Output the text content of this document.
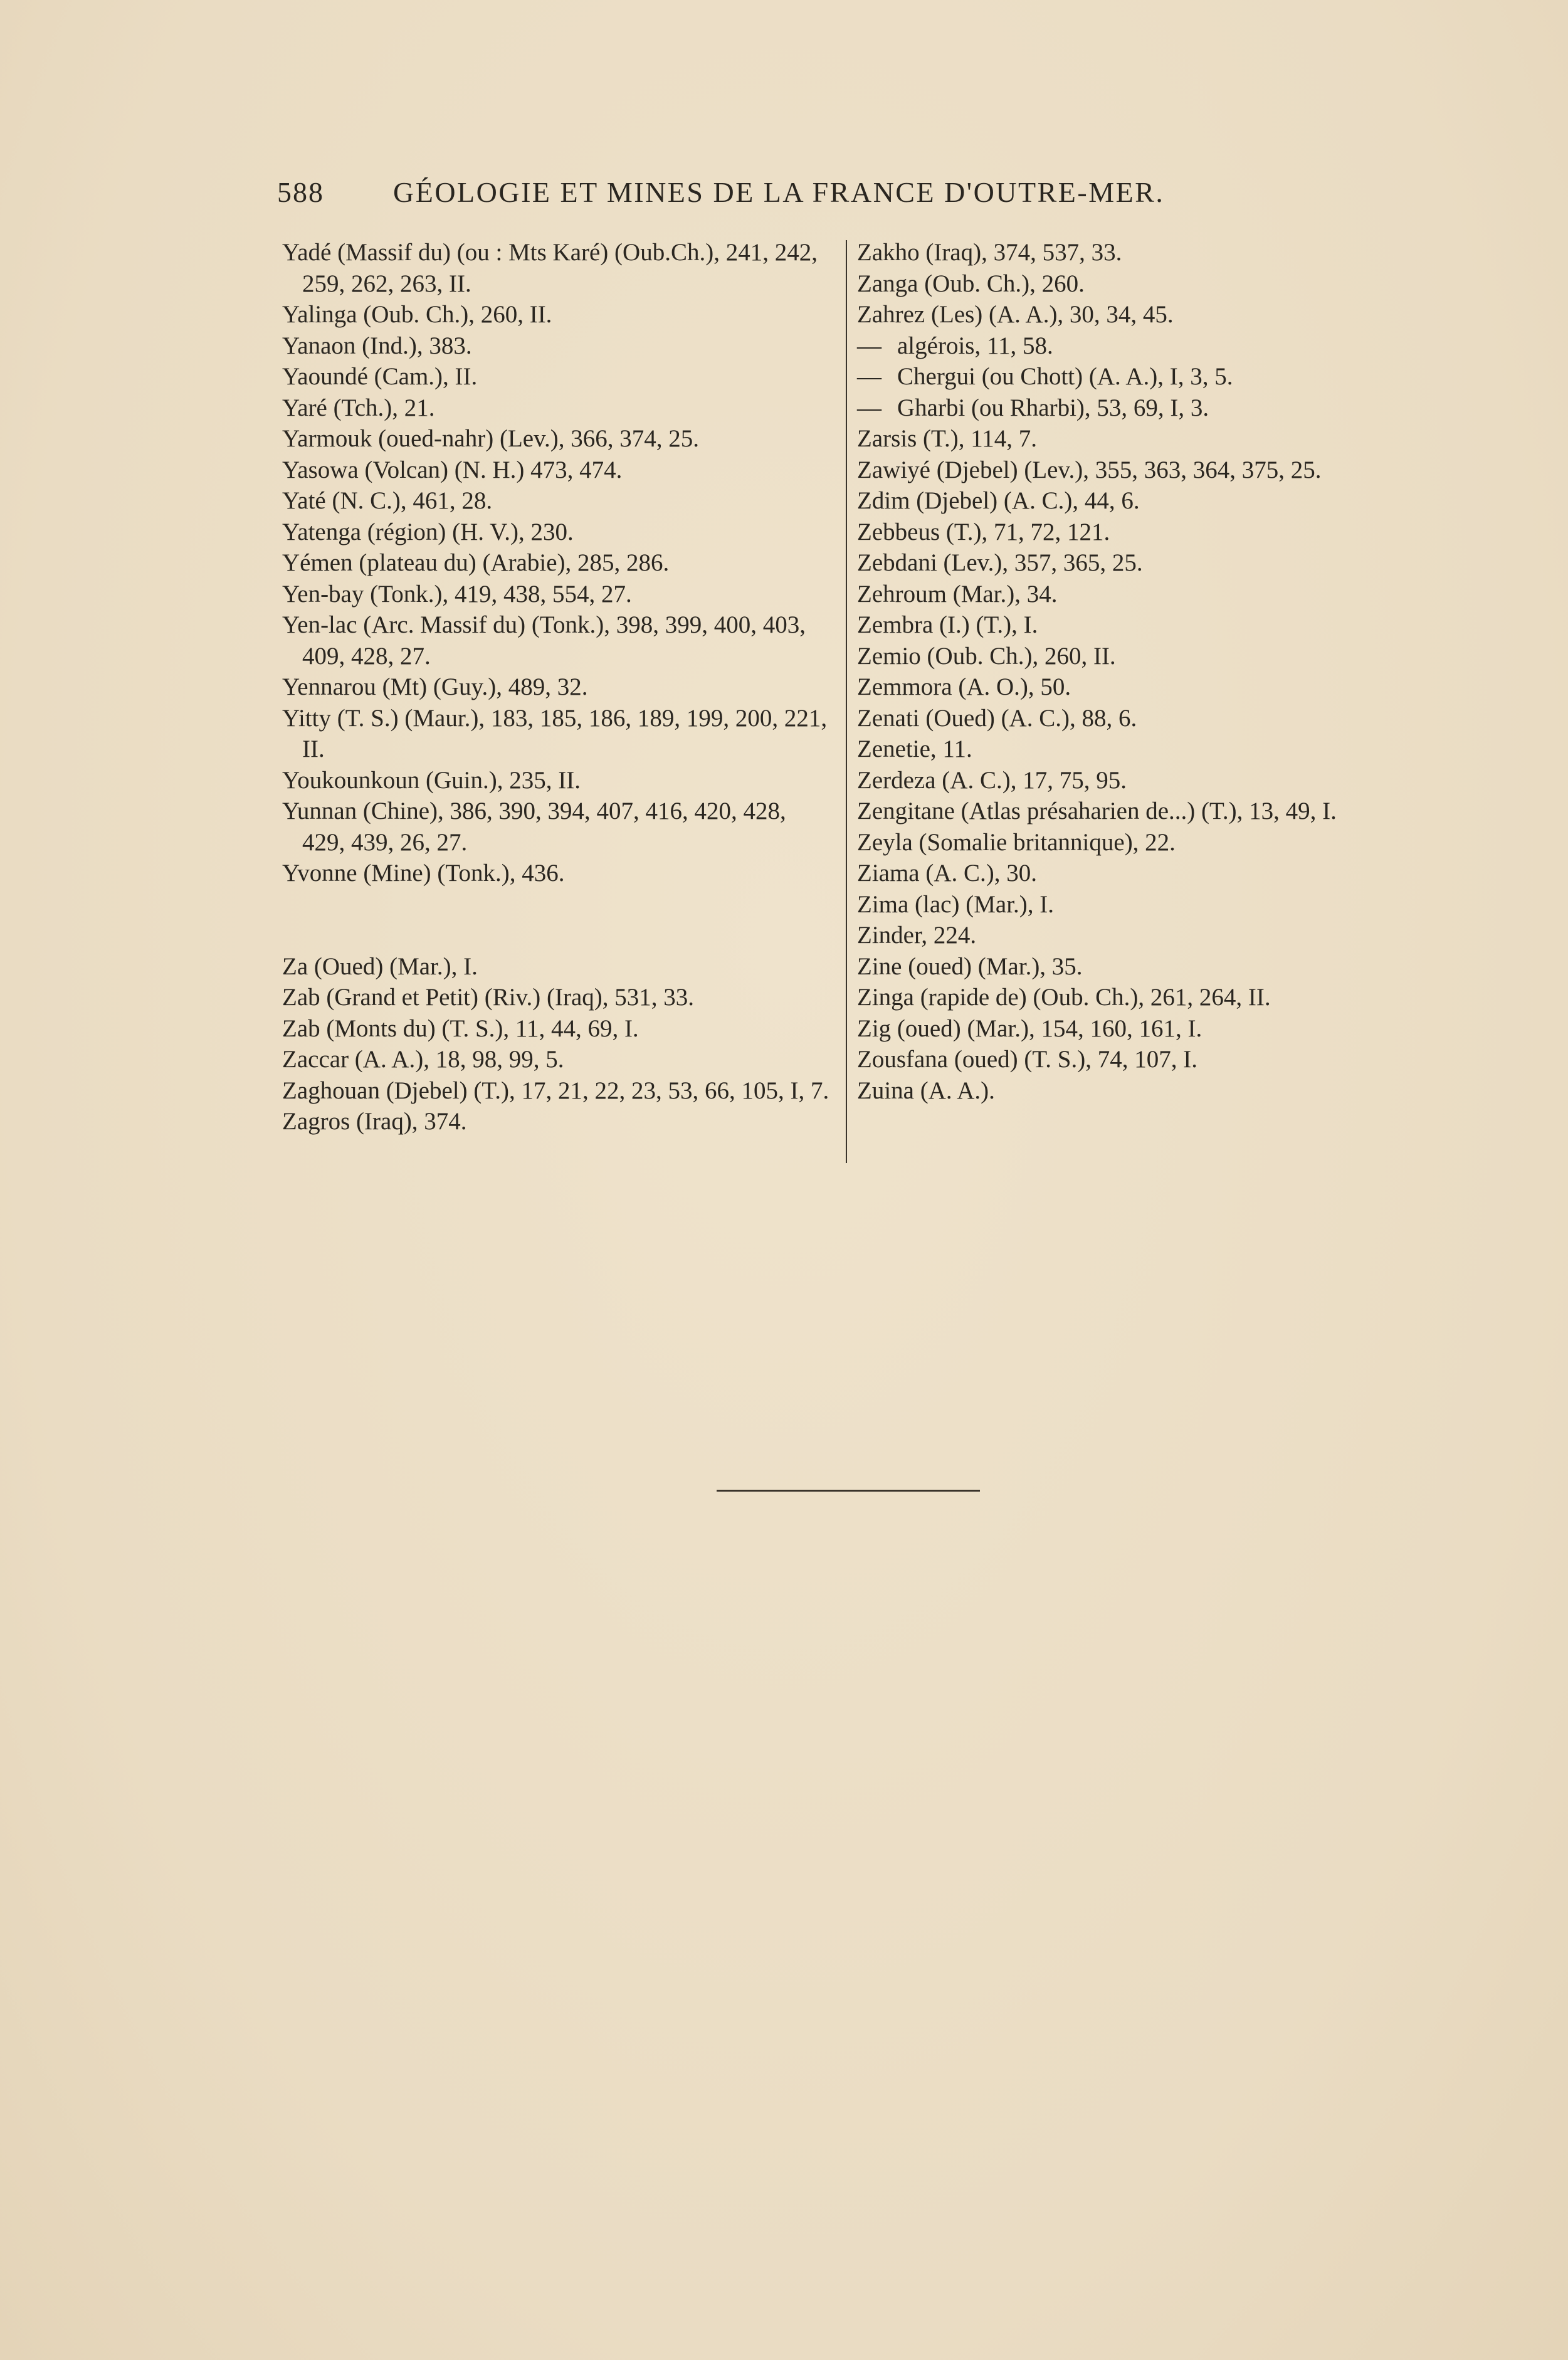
588	GÉOLOGIE ET MINES DE LA FRANCE D'OUTRE-MER.

Yadé (Massif du) (ou : Mts Karé) (Oub.Ch.), 241, 242, 259, 262, 263, II.

Yalinga (Oub. Ch.), 260, II.

Yanaon (Ind.), 383.

Yaoundé (Cam.), II.

Yaré (Tch.), 21.

Yarmouk (oued-nahr) (Lev.), 366, 374, 25.

Yasowa (Volcan) (N. H.) 473, 474.

Yaté (N. C.), 461, 28.

Yatenga (région) (H. V.), 230.

Yémen (plateau du) (Arabie), 285, 286.

Yen-bay (Tonk.), 419, 438, 554, 27.

Yen-lac (Arc. Massif du) (Tonk.), 398, 399, 400, 403, 409, 428, 27.

Yennarou (Mt) (Guy.), 489, 32.

Yitty (T. S.) (Maur.), 183, 185, 186, 189, 199, 200, 221, II.

Youkounkoun (Guin.), 235, II.

Yunnan (Chine), 386, 390, 394, 407, 416, 420, 428, 429, 439, 26, 27.

Yvonne (Mine) (Tonk.), 436.

Za (Oued) (Mar.), I.

Zab (Grand et Petit) (Riv.) (Iraq), 531, 33.

Zab (Monts du) (T. S.), 11, 44, 69, I.

Zaccar (A. A.), 18, 98, 99, 5.

Zaghouan (Djebel) (T.), 17, 21, 22, 23, 53, 66, 105, I, 7.

Zagros (Iraq), 374.

Zakho (Iraq), 374, 537, 33.

Zanga (Oub. Ch.), 260.

Zahrez (Les) (A. A.), 30, 34, 45.

— algérois, 11, 58.

— Chergui (ou Chott) (A. A.), I, 3, 5.

— Gharbi (ou Rharbi), 53, 69, I, 3.

Zarsis (T.), 114, 7.

Zawiyé (Djebel) (Lev.), 355, 363, 364, 375, 25.

Zdim (Djebel) (A. C.), 44, 6.

Zebbeus (T.), 71, 72, 121.

Zebdani (Lev.), 357, 365, 25.

Zehroum (Mar.), 34.

Zembra (I.) (T.), I.

Zemio (Oub. Ch.), 260, II.

Zemmora (A. O.), 50.

Zenati (Oued) (A. C.), 88, 6.

Zenetie, 11.

Zerdeza (A. C.), 17, 75, 95.

Zengitane (Atlas présaharien de...) (T.), 13, 49, I.

Zeyla (Somalie britannique), 22.

Ziama (A. C.), 30.

Zima (lac) (Mar.), I.

Zinder, 224.

Zine (oued) (Mar.), 35.

Zinga (rapide de) (Oub. Ch.), 261, 264, II.

Zig (oued) (Mar.), 154, 160, 161, I.

Zousfana (oued) (T. S.), 74, 107, I.

Zuina (A. A.).
